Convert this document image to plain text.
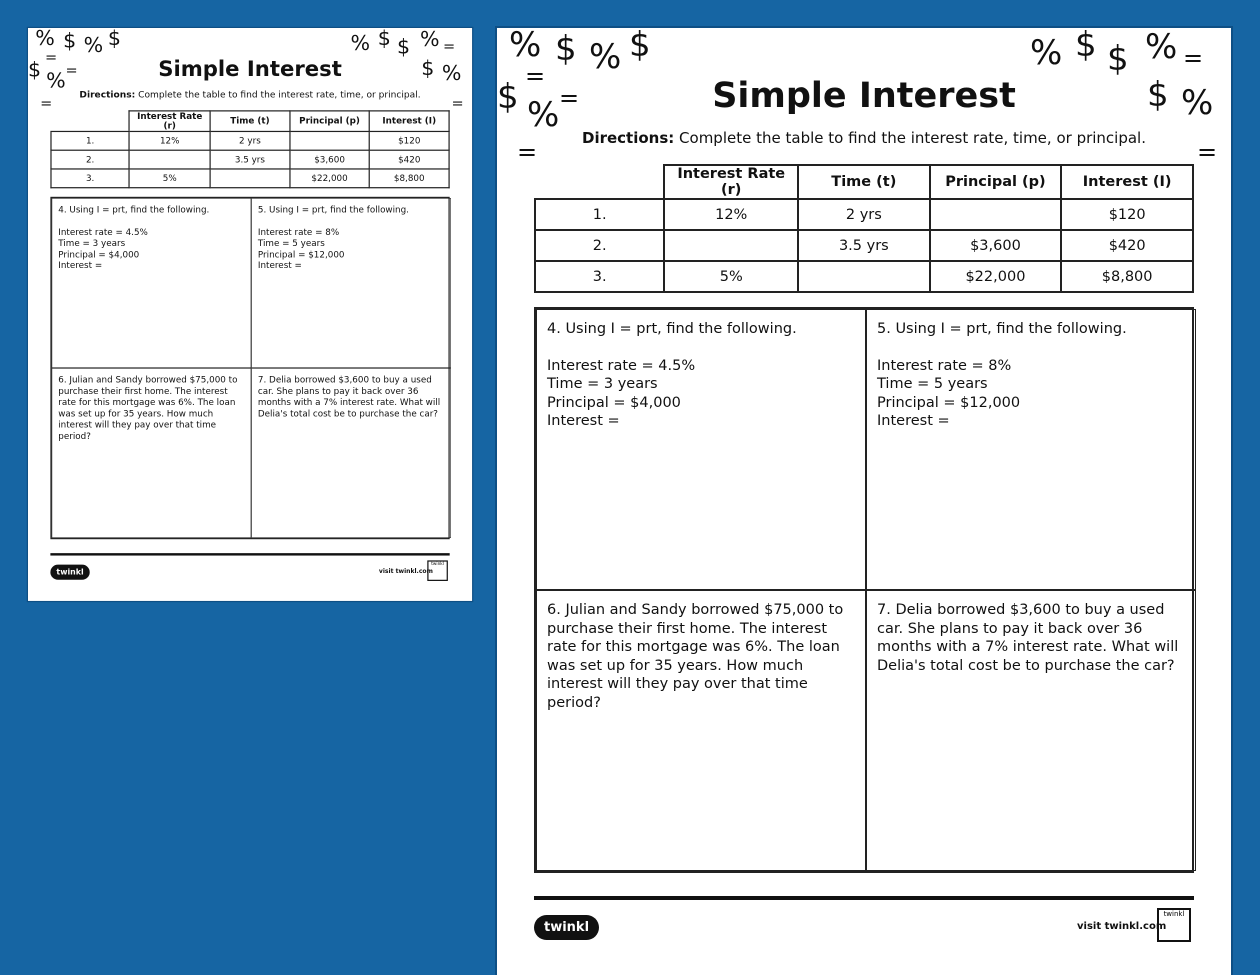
% $ % $
=
$ % =
=
% $ $ % =
$ %
=
Simple Interest
Directions: Complete the table to find the interest rate, time, or principal.
	Interest Rate (r)	Time (t)	Principal (p)	Interest (I)
1.	12%	2 yrs		$120
2.		3.5 yrs	$3,600	$420
3.	5%		$22,000	$8,800
4. Using I = prt, find the following.
Interest rate = 4.5%
Time = 3 years
Principal = $4,000
Interest =
5. Using I = prt, find the following.
Interest rate = 8%
Time = 5 years
Principal = $12,000
Interest =
6. Julian and Sandy borrowed $75,000 to purchase their first home. The interest rate for this mortgage was 6%. The loan was set up for 35 years. How much interest will they pay over that time period?
7. Delia borrowed $3,600 to buy a used car. She plans to pay it back over 36 months with a 7% interest rate. What will Delia's total cost be to purchase the car?
twinkl	visit twinkl.com
twinkl
% $ % $
=
$ % =
=
% $ $ % =
$ %
=
Simple Interest
Directions: Complete the table to find the interest rate, time, or principal.
	Interest Rate (r)	Time (t)	Principal (p)	Interest (I)
1.	12%	2 yrs		$120
2.		3.5 yrs	$3,600	$420
3.	5%		$22,000	$8,800
4. Using I = prt, find the following.
Interest rate = 4.5%
Time = 3 years
Principal = $4,000
Interest =
5. Using I = prt, find the following.
Interest rate = 8%
Time = 5 years
Principal = $12,000
Interest =
6. Julian and Sandy borrowed $75,000 to purchase their first home. The interest rate for this mortgage was 6%. The loan was set up for 35 years. How much interest will they pay over that time period?
7. Delia borrowed $3,600 to buy a used car. She plans to pay it back over 36 months with a 7% interest rate. What will Delia's total cost be to purchase the car?
twinkl	visit twinkl.com
twinkl
